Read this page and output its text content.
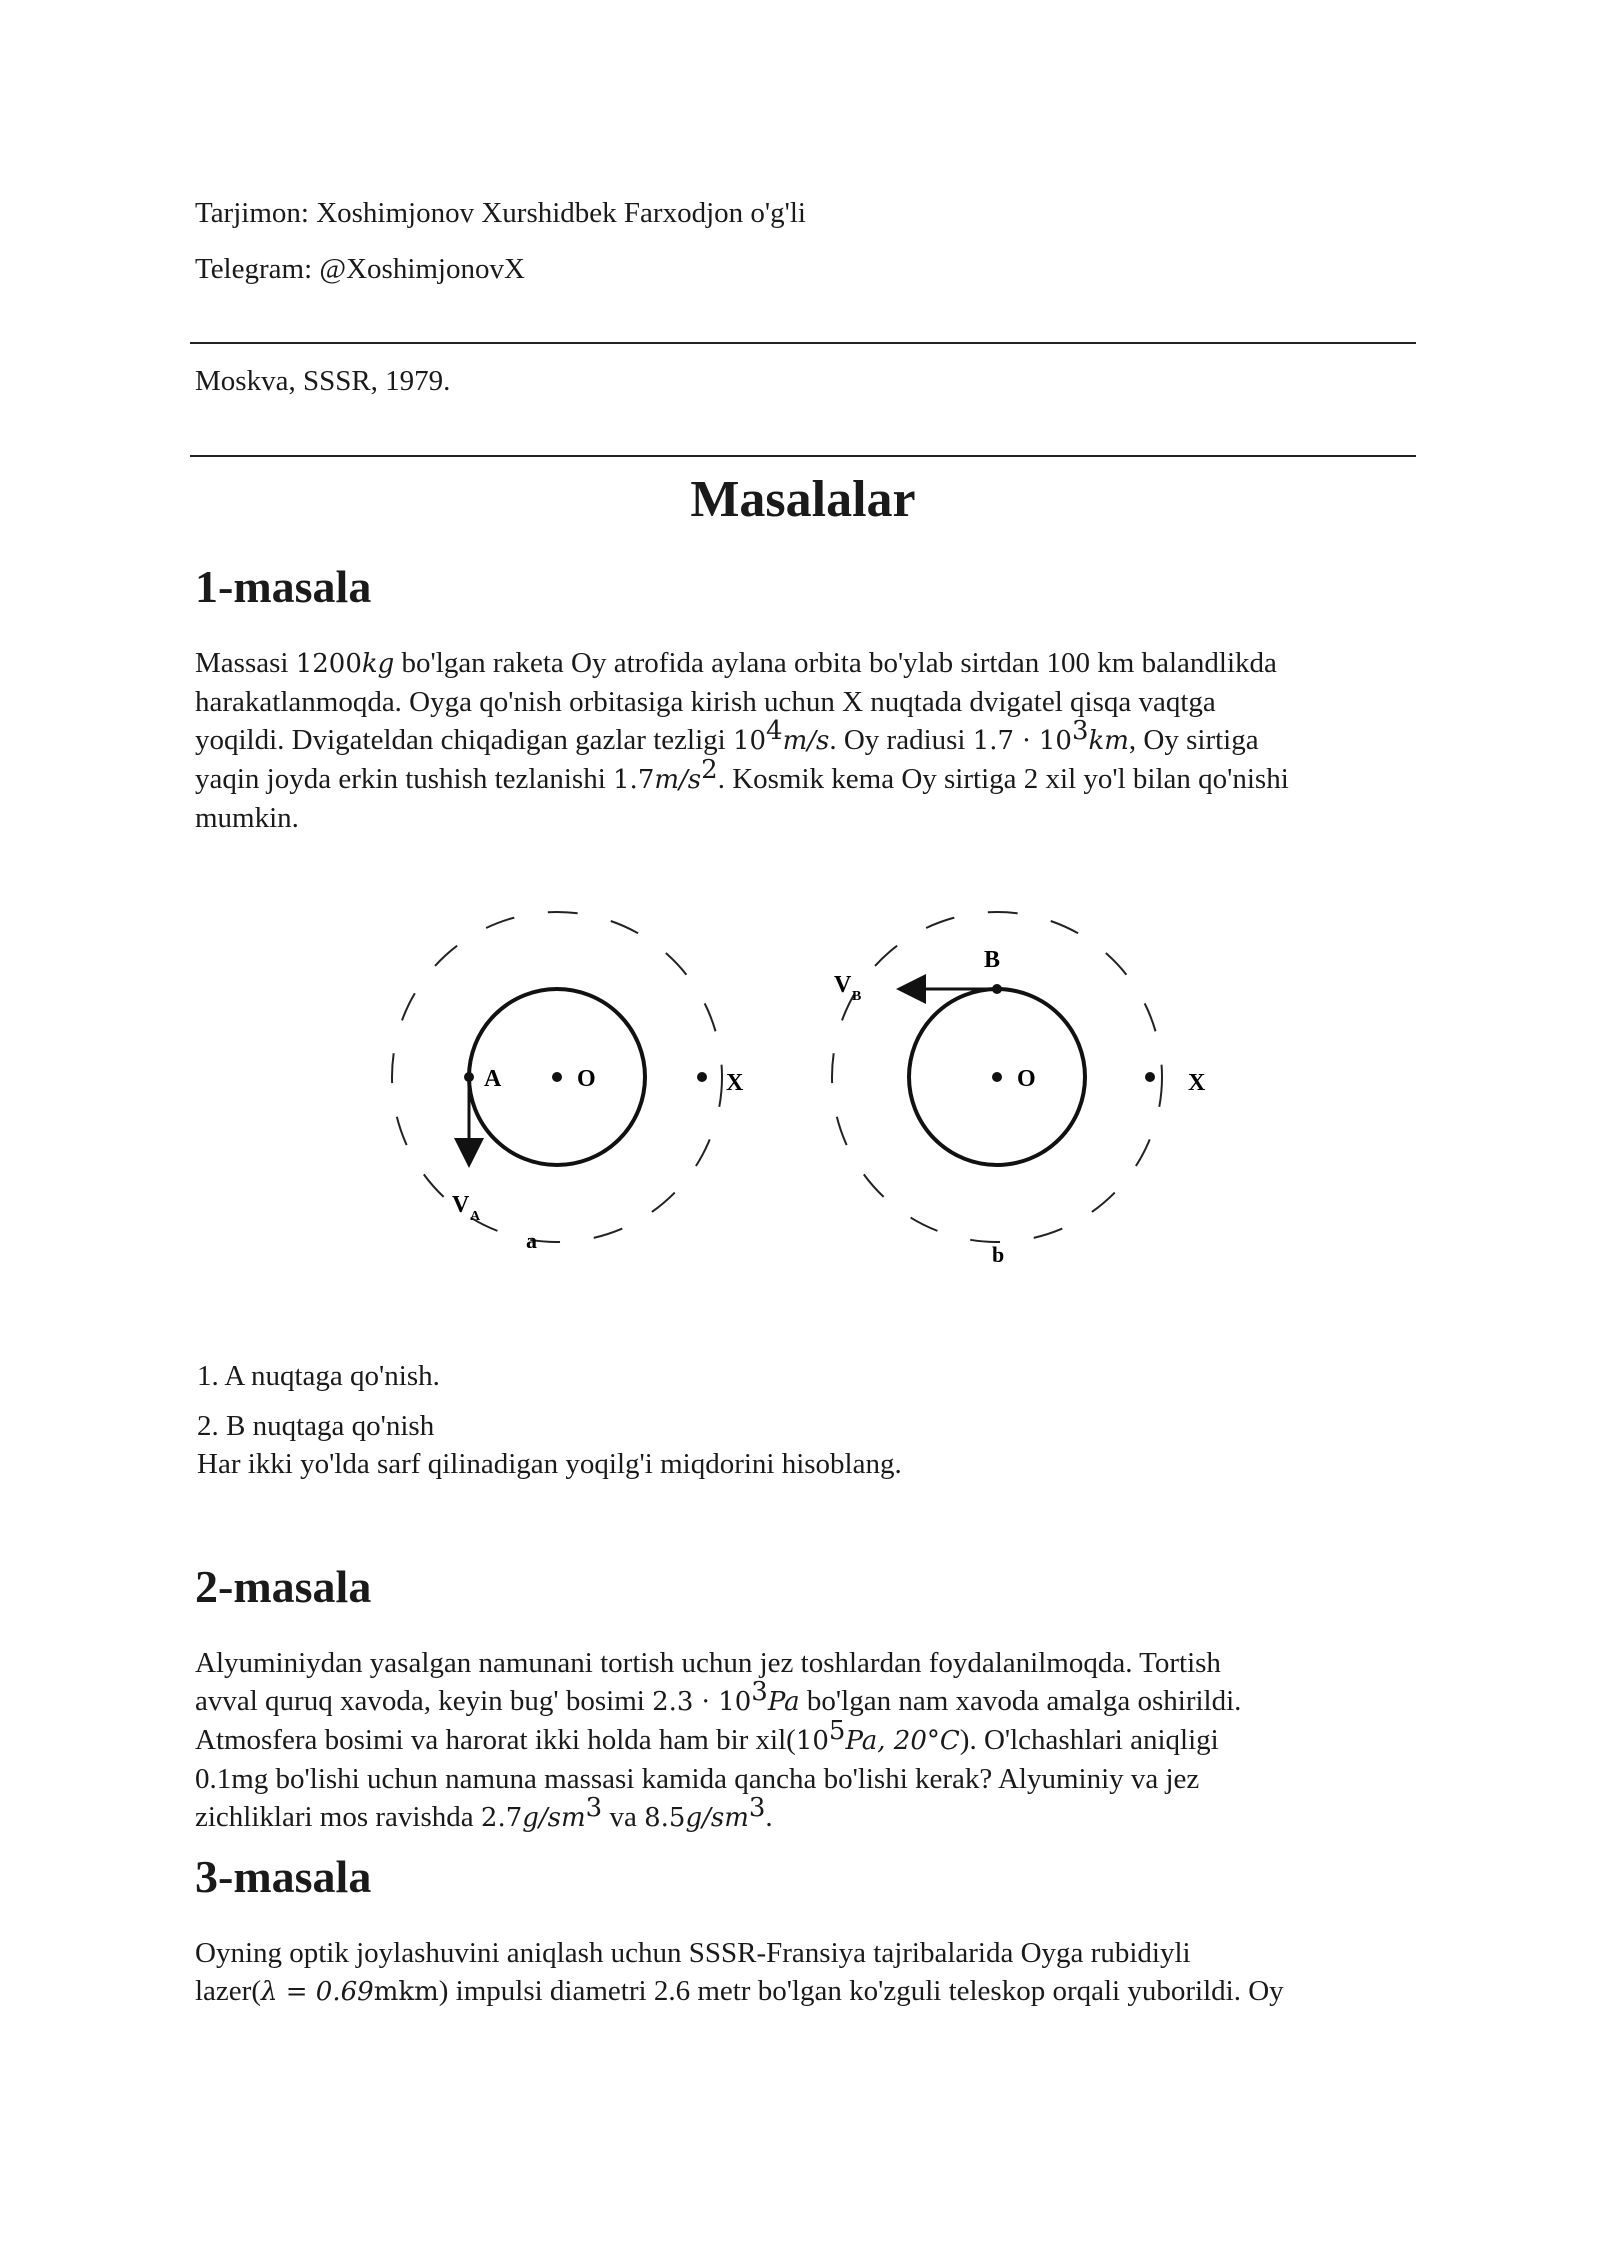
Tarjimon: Xoshimjonov Xurshidbek Farxodjon o'g'li
Telegram: @XoshimjonovX
Moskva, SSSR, 1979.
Masalalar
1-masala
Massasi 1200kg bo'lgan raketa Oy atrofida aylana orbita bo'ylab sirtdan 100 km balandlikda
harakatlanmoqda. Oyga qo'nish orbitasiga kirish uchun X nuqtada dvigatel qisqa vaqtga
yoqildi. Dvigateldan chiqadigan gazlar tezligi $10^4m/s$. Oy radiusi $1.7 \cdot 10^3km$, Oy sirtiga
yaqin joyda erkin tushish tezlanishi $1.7m/s^2$. Kosmik kema Oy sirtiga 2 xil yo'l bilan qo'nishi
mumkin.
A	O	X
V A
a
B
O	X
V B
b
1. A nuqtaga qo'nish.
2. B nuqtaga qo'nish
Har ikki yo'lda sarf qilinadigan yoqilg'i miqdorini hisoblang.
2-masala
Alyuminiydan yasalgan namunani tortish uchun jez toshlardan foydalanilmoqda. Tortish
avval quruq xavoda, keyin bug' bosimi $2.3 \cdot 10^3Pa$ bo'lgan nam xavoda amalga oshirildi.
Atmosfera bosimi va harorat ikki holda ham bir $xil(10^5Pa$, 20°C). O'lchashlari aniqligi
0.1mg bo'lishi uchun namuna massasi kamida qancha bo'lishi kerak? Alyuminiy va jez
zichliklari mos ravishda $2.7g/sm^3$ va $8.5g/sm^3$.
3-masala
Oyning optik joylashuvini aniqlash uchun SSSR-Fransiya tajribalarida Oyga rubidiyli
lazer(λ = 0.69mkm) impulsi diametri 2.6 metr bo'lgan ko'zguli teleskop orqali yuborildi. Oy
